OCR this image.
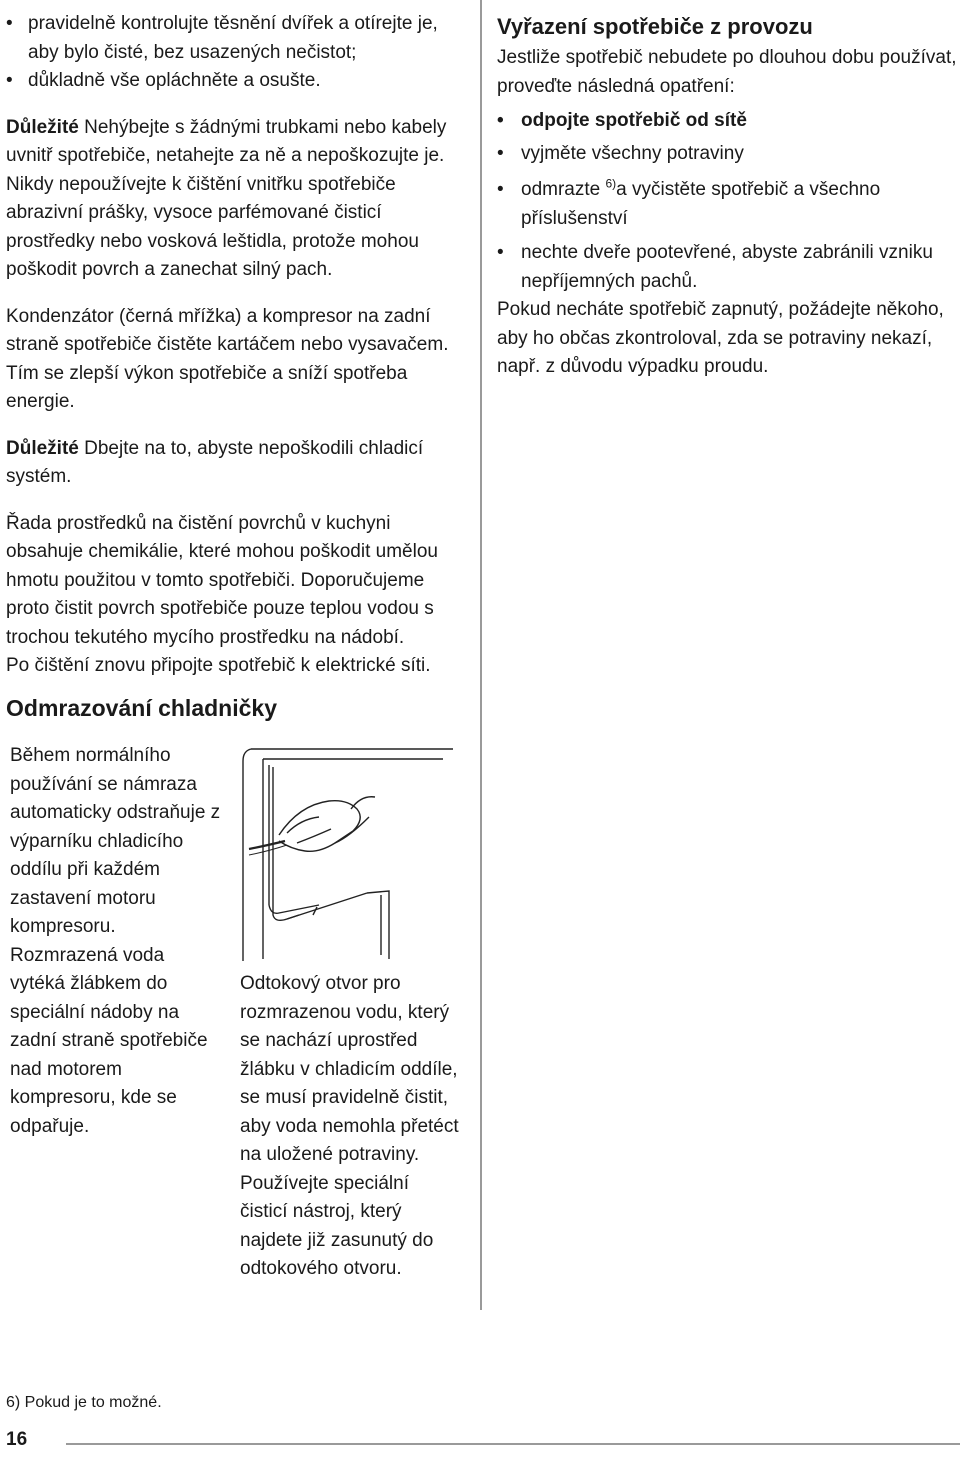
• pravidelně kontrolujte těsnění dvířek a otírejte je, aby bylo čisté, bez usazených nečistot;
• důkladně vše opláchněte a osušte.

Důležité Nehýbejte s žádnými trubkami nebo kabely uvnitř spotřebiče, netahejte za ně a nepoškozujte je. Nikdy nepoužívejte k čištění vnitřku spotřebiče abrazivní prášky, vysoce parfémované čisticí prostředky nebo vosková leštidla, protože mohou poškodit povrch a zanechat silný pach.

Kondenzátor (černá mřížka) a kompresor na zadní straně spotřebiče čistěte kartáčem nebo vysavačem. Tím se zlepší výkon spotřebiče a sníží spotřeba energie.

Důležité Dbejte na to, abyste nepoškodili chladicí systém.

Řada prostředků na čistění povrchů v kuchyni obsahuje chemikálie, které mohou poškodit umělou hmotu použitou v tomto spotřebiči. Doporučujeme proto čistit povrch spotřebiče pouze teplou vodou s trochou tekutého mycího prostředku na nádobí.

Po čištění znovu připojte spotřebič k elektrické síti.

Odmrazování chladničky

Během normálního používání se námraza automaticky odstraňuje z výparníku chladicího oddílu při každém zastavení motoru kompresoru. Rozmrazená voda vytéká žlábkem do speciální nádoby na zadní straně spotřebiče nad motorem kompresoru, kde se odpařuje.

Odtokový otvor pro rozmrazenou vodu, který se nachází uprostřed žlábku v chladicím oddíle, se musí pravidelně čistit, aby voda nemohla přetéct na uložené potraviny. Používejte speciální čisticí nástroj, který najdete již zasunutý do odtokového otvoru.

Vyřazení spotřebiče z provozu

Jestliže spotřebič nebudete po dlouhou dobu používat, proveďte následná opatření:

• odpojte spotřebič od sítě
• vyjměte všechny potraviny
• odmrazte $^{6)}$a vyčistěte spotřebič a všechno příslušenství
• nechte dveře pootevřené, abyste zabránili vzniku nepříjemných pachů.

Pokud necháte spotřebič zapnutý, požádejte někoho, aby ho občas zkontroloval, zda se potraviny nekazí, např. z důvodu výpadku proudu.

6) Pokud je to možné.
16
